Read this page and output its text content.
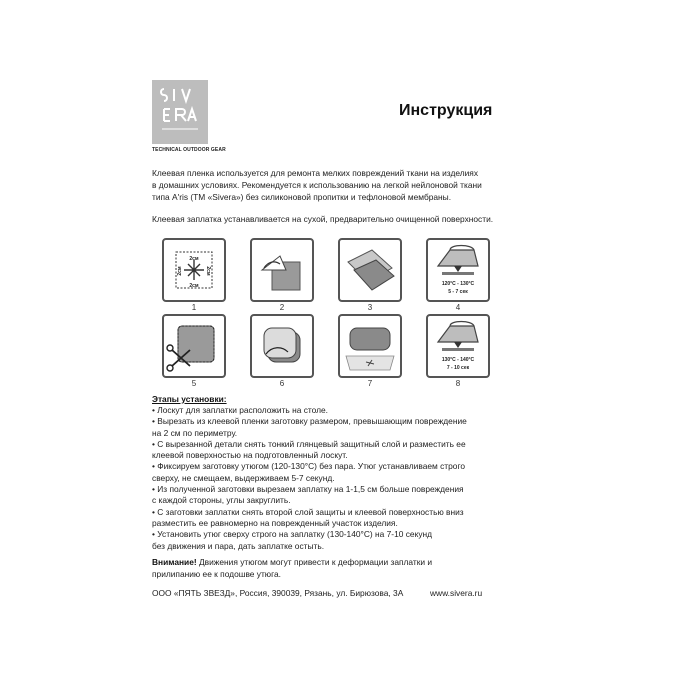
TECHNICAL OUTDOOR GEAR
Инструкция
Клеевая пленка используется для ремонта мелких повреждений ткани на изделиях
в домашних условиях. Рекомендуется к использованию на легкой нейлоновой ткани
типа A'ris (ТМ «Sivera») без силиконовой пропитки и тефлоновой мембраны.
Клеевая заплатка устанавливается на сухой, предварительно очищенной поверхности.
2см
2см
2см	2см
1	2	3
120°С - 130°С
5 - 7 сек
4
5	6	7
130°С - 140°С
7 - 10 сек
8
Этапы установки:
• Лоскут для заплатки расположить на столе.
• Вырезать из клеевой пленки заготовку размером, превышающим повреждение
на 2 см по периметру.
• С вырезанной детали снять тонкий глянцевый защитный слой и разместить ее
клеевой поверхностью на подготовленный лоскут.
• Фиксируем заготовку утюгом (120-130°С) без пара. Утюг устанавливаем строго
сверху, не смещаем, выдерживаем 5-7 секунд.
• Из полученной заготовки вырезаем заплатку на 1-1,5 см больше повреждения
с каждой стороны, углы закруглить.
• С заготовки заплатки снять второй слой защиты и клеевой поверхностью вниз
разместить ее равномерно на поврежденный участок изделия.
• Установить утюг сверху строго на заплатку (130-140°С) на 7-10 секунд
без движения и пара, дать заплатке остыть.
Внимание! Движения утюгом могут привести к деформации заплатки и
прилипанию ее к подошве утюга.
ООО «ПЯТЬ ЗВЕЗД», Россия, 390039, Рязань, ул. Бирюзова, 3А	www.sivera.ru
